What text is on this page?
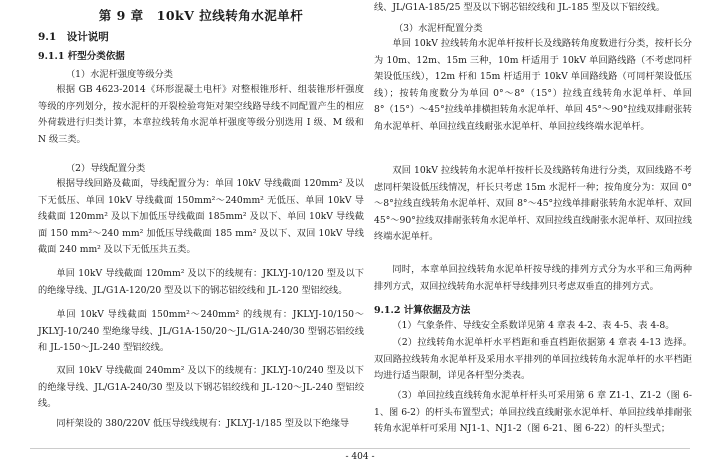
第 9 章　10kV 拉线转角水泥单杆
9.1　设计说明
9.1.1 杆型分类依据
（1）水泥杆强度等级分类

根据 GB 4623-2014《环形混凝土电杆》对整根锥形杆、组装锥形杆强度等级的序列划分，按水泥杆的开裂检验弯矩对架空线路导线不同配置产生的相应外荷载进行归类计算，本章拉线转角水泥单杆强度等级分别选用 I 级、M 级和 N 级三类。

（2）导线配置分类

根据导线回路及截面，导线配置分为：单回 10kV 导线截面 120mm² 及以下无低压、单回 10kV 导线截面 150mm²～240mm² 无低压、单回 10kV 导线截面 120mm² 及以下加低压导线截面 185mm² 及以下、单回 10kV 导线截面 150 mm²～240 mm² 加低压导线截面 185 mm² 及以下、双回 10kV 导线截面 240 mm² 及以下无低压共五类。

单回 10kV 导线截面 120mm² 及以下的线规有：JKLYJ-10/120 型及以下的绝缘导线、JL/G1A-120/20 型及以下的钢芯铝绞线和 JL-120 型铝绞线。

单回 10kV 导线截面 150mm²～240mm² 的线规有：JKLYJ-10/150～JKLYJ-10/240 型绝缘导线、JL/G1A-150/20～JL/G1A-240/30 型钢芯铝绞线和 JL-150～JL-240 型铝绞线。

双回 10kV 导线截面 240mm² 及以下的线规有：JKLYJ-10/240 型及以下的绝缘导线、JL/G1A-240/30 型及以下钢芯铝绞线和 JL-120～JL-240 型铝绞线。

同杆架设的 380/220V 低压导线线规有：JKLYJ-1/185 型及以下绝缘导

线、JL/G1A-185/25 型及以下钢芯铝绞线和 JL-185 型及以下铝绞线。

（3）水泥杆配置分类

单回 10kV 拉线转角水泥单杆按杆长及线路转角度数进行分类，按杆长分为 10m、12m、15m 三种，10m 杆适用于 10kV 单回路线路（不考虑同杆架设低压线），12m 杆和 15m 杆适用于 10kV 单回路线路（可同杆架设低压线）；按转角度数分为单回 0°～8°（15°）拉线直线转角水泥单杆、单回 8°（15°）～45°拉线单排横担转角水泥单杆、单回 45°～90°拉线双排耐张转角水泥单杆、单回拉线直线耐张水泥单杆、单回拉线终端水泥单杆。

双回 10kV 拉线转角水泥单杆按杆长及线路转角进行分类，双回线路不考虑同杆架设低压线情况，杆长只考虑 15m 水泥杆一种；按角度分为：双回 0°～8°拉线直线转角水泥单杆、双回 8°～45°拉线单排耐张转角水泥单杆、双回 45°～90°拉线双排耐张转角水泥单杆、双回拉线直线耐张水泥单杆、双回拉线终端水泥单杆。

同时，本章单回拉线转角水泥单杆按导线的排列方式分为水平和三角两种排列方式，双回拉线转角水泥单杆导线排列只考虑双垂直的排列方式。

9.1.2 计算依据及方法

（1）气象条件、导线安全系数详见第 4 章表 4-2、表 4-5、表 4-8。

（2）拉线转角水泥单杆水平档距和垂直档距依据第 4 章表 4-13 选择。双回路拉线转角水泥单杆及采用水平排列的单回拉线转角水泥单杆的水平档距均进行适当限制，详见各杆型分类表。

（3）单回拉线直线转角水泥单杆杆头可采用第 6 章 Z1-1、Z1-2（图 6-1、图 6-2）的杆头布置型式；单回拉线直线耐张水泥单杆、单回拉线单排耐张转角水泥单杆可采用 NJ1-1、NJ1-2（图 6-21、图 6-22）的杆头型式；

- 404 -
